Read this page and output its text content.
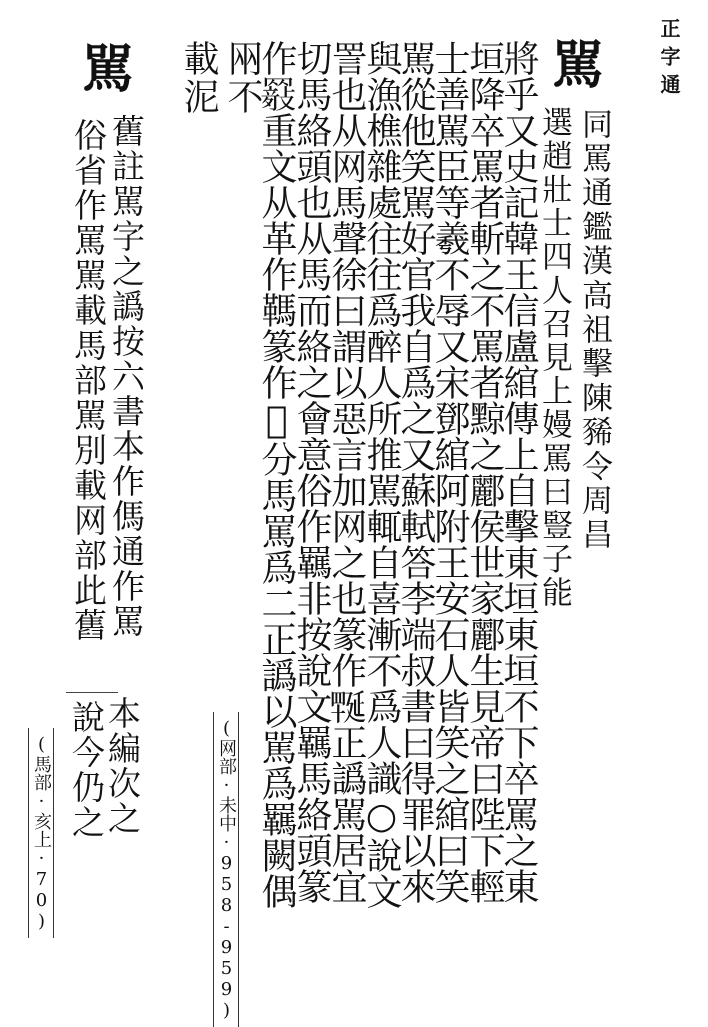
正字通
駡
同罵通鑑漢高祖擊陳豨令周昌
選趙壯士四人召見上嫚罵曰豎子能
將乎又史記韓王信盧綰傳上自擊東垣東垣不下卒罵之東
垣降卒罵者斬之不罵者黥之酈侯世家酈生見帝曰陛下輕
士善駡臣等羲不辱又宋鄧綰阿附王安石人皆笑之綰曰笑
駡從他笑駡好官我自爲之又蘇軾答李端叔書曰得罪以來
與漁樵雜處往往爲醉人所推駡輒自喜漸不爲人識○說文
詈也从网馬聲徐曰謂以惡言加网之也篆作𦋪正譌駡居宜
切馬絡頭也从馬而絡之會意俗作羈非按說文羈馬絡頭篆
作𦌤重文从革作䩻篆作𦌴分馬罵爲二正譌以駡爲羈闕偶
㒳不
載泥
(网部·未中·958-959)
駡
舊註駡字之譌按六書本作傌通作罵
俗省作罵駡載馬部駡別載网部此舊
說今仍之
本編次之
(馬部·亥上·70)
